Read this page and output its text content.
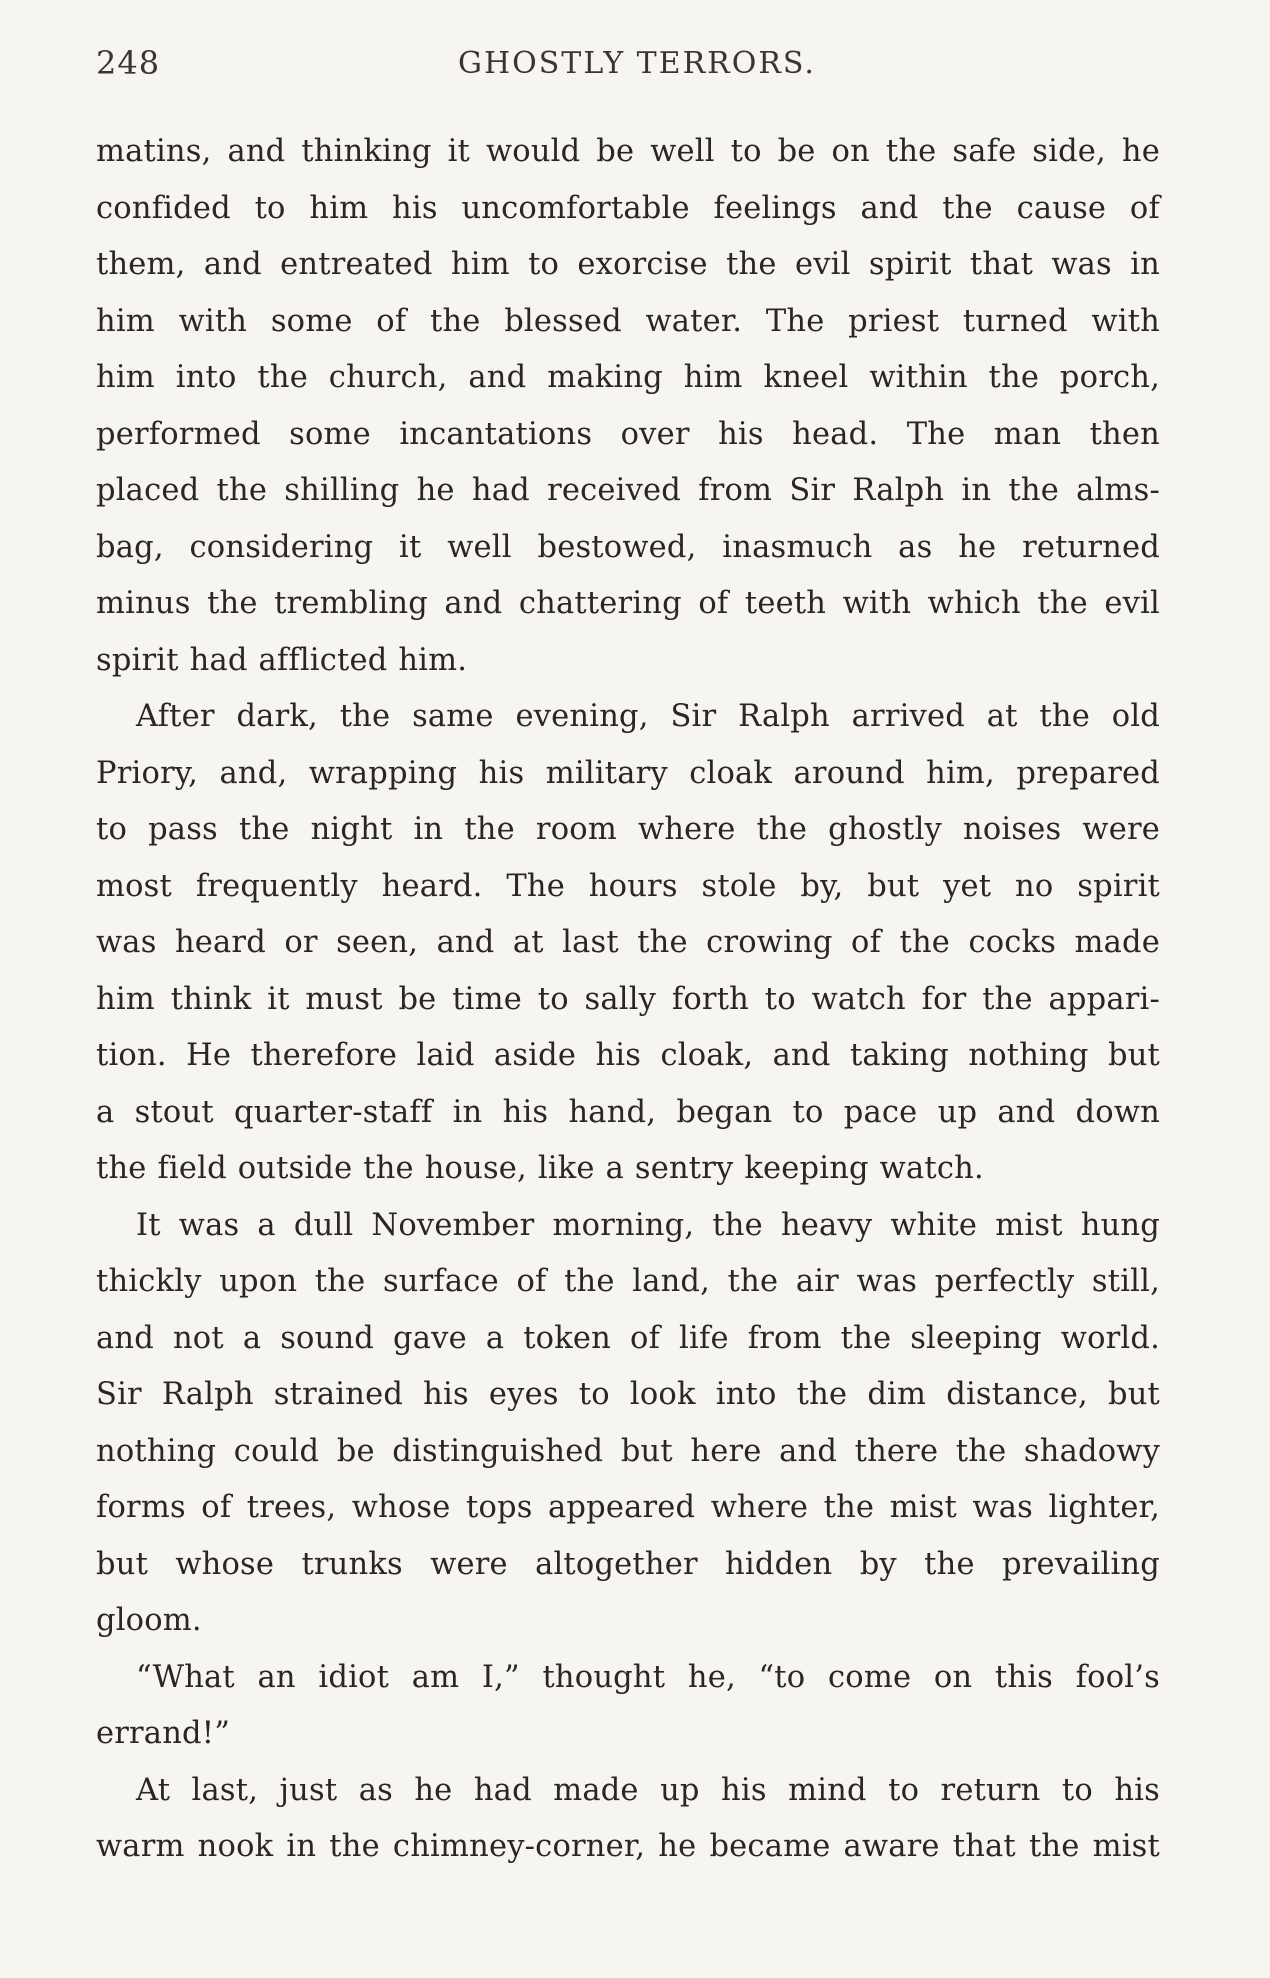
248	GHOSTLY TERRORS.
matins, and thinking it would be well to be on the safe side, he
confided to him his uncomfortable feelings and the cause of
them, and entreated him to exorcise the evil spirit that was in
him with some of the blessed water. The priest turned with
him into the church, and making him kneel within the porch,
performed some incantations over his head. The man then
placed the shilling he had received from Sir Ralph in the alms-
bag, considering it well bestowed, inasmuch as he returned
minus the trembling and chattering of teeth with which the evil
spirit had afflicted him.
After dark, the same evening, Sir Ralph arrived at the old
Priory, and, wrapping his military cloak around him, prepared
to pass the night in the room where the ghostly noises were
most frequently heard. The hours stole by, but yet no spirit
was heard or seen, and at last the crowing of the cocks made
him think it must be time to sally forth to watch for the appari-
tion. He therefore laid aside his cloak, and taking nothing but
a stout quarter-staff in his hand, began to pace up and down
the field outside the house, like a sentry keeping watch.
It was a dull November morning, the heavy white mist hung
thickly upon the surface of the land, the air was perfectly still,
and not a sound gave a token of life from the sleeping world.
Sir Ralph strained his eyes to look into the dim distance, but
nothing could be distinguished but here and there the shadowy
forms of trees, whose tops appeared where the mist was lighter,
but whose trunks were altogether hidden by the prevailing
gloom.
“What an idiot am I,” thought he, “to come on this fool’s
errand!”
At last, just as he had made up his mind to return to his
warm nook in the chimney-corner, he became aware that the mist
